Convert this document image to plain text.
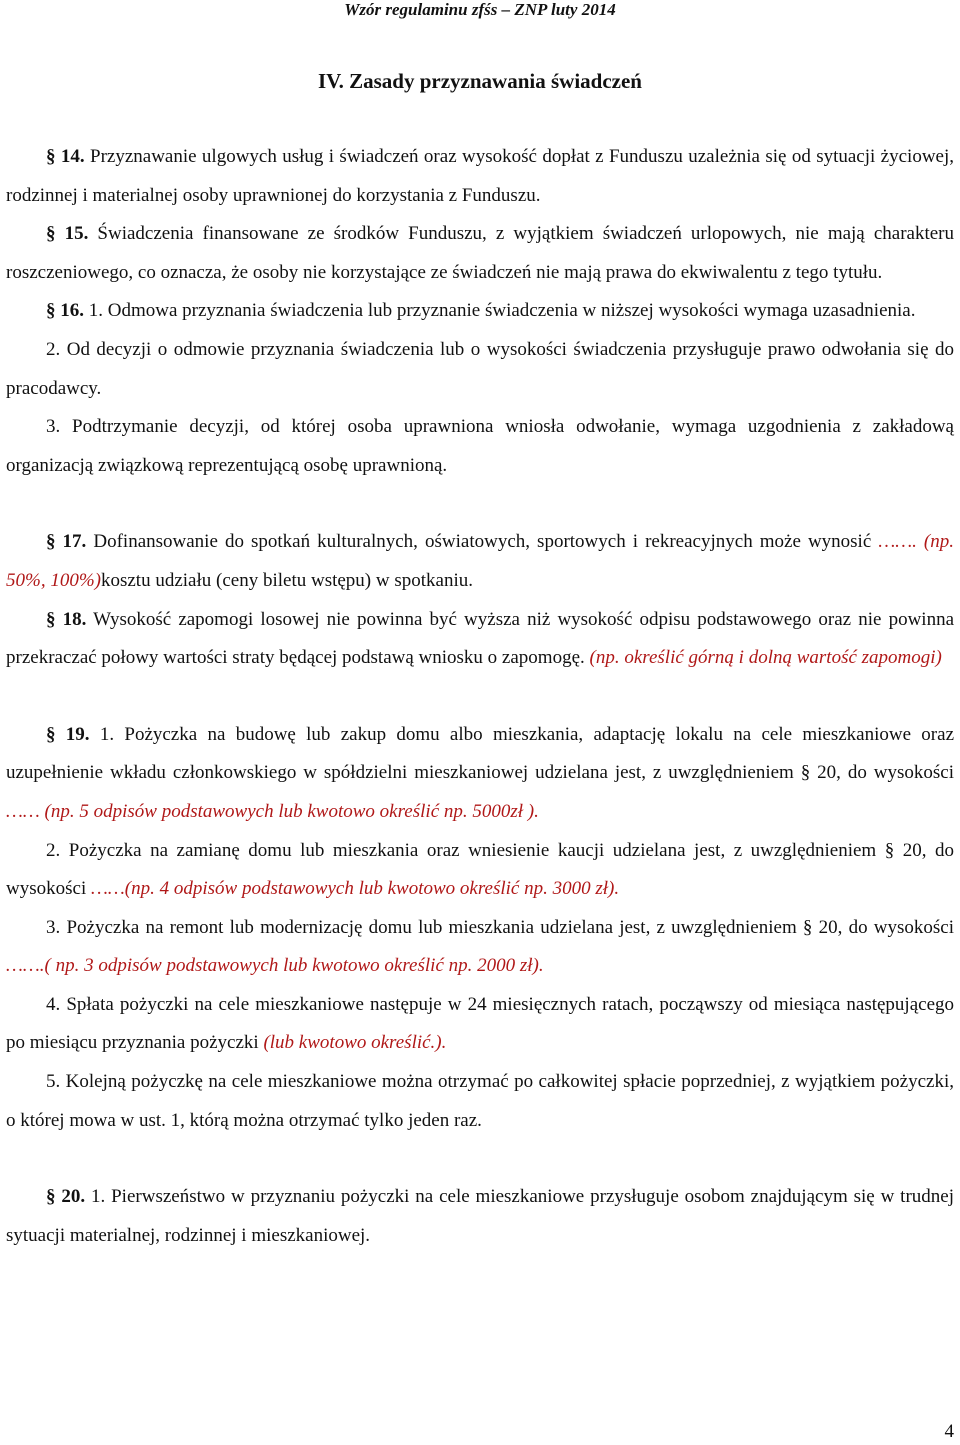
Wzór regulaminu zfśs – ZNP luty 2014
IV. Zasady przyznawania świadczeń

§ 14. Przyznawanie ulgowych usług i świadczeń oraz wysokość dopłat z Funduszu uzależnia się od sytuacji życiowej, rodzinnej i materialnej osoby uprawnionej do korzystania z Funduszu.

§ 15. Świadczenia finansowane ze środków Funduszu, z wyjątkiem świadczeń urlopowych, nie mają charakteru roszczeniowego, co oznacza, że osoby nie korzystające ze świadczeń nie mają prawa do ekwiwalentu z tego tytułu.

§ 16. 1. Odmowa przyznania świadczenia lub przyznanie świadczenia w niższej wysokości wymaga uzasadnienia.

2. Od decyzji o odmowie przyznania świadczenia lub o wysokości świadczenia przysługuje prawo odwołania się do pracodawcy.

3. Podtrzymanie decyzji, od której osoba uprawniona wniosła odwołanie, wymaga uzgodnienia z zakładową organizacją związkową reprezentującą osobę uprawnioną.

§ 17. Dofinansowanie do spotkań kulturalnych, oświatowych, sportowych i rekreacyjnych może wynosić ……. (np. 50%, 100%)kosztu udziału (ceny biletu wstępu) w spotkaniu.

§ 18. Wysokość zapomogi losowej nie powinna być wyższa niż wysokość odpisu podstawowego oraz nie powinna przekraczać połowy wartości straty będącej podstawą wniosku o zapomogę. (np. określić górną i dolną wartość zapomogi)

§ 19. 1. Pożyczka na budowę lub zakup domu albo mieszkania, adaptację lokalu na cele mieszkaniowe oraz uzupełnienie wkładu członkowskiego w spółdzielni mieszkaniowej udzielana jest, z uwzględnieniem § 20, do wysokości …… (np. 5 odpisów podstawowych lub kwotowo określić np. 5000zł ).

2. Pożyczka na zamianę domu lub mieszkania oraz wniesienie kaucji udzielana jest, z uwzględnieniem § 20, do wysokości ……(np. 4 odpisów podstawowych lub kwotowo określić np. 3000 zł).

3. Pożyczka na remont lub modernizację domu lub mieszkania udzielana jest, z uwzględnieniem § 20, do wysokości …….( np. 3 odpisów podstawowych lub kwotowo określić np. 2000 zł).

4. Spłata pożyczki na cele mieszkaniowe następuje w 24 miesięcznych ratach, począwszy od miesiąca następującego po miesiącu przyznania pożyczki (lub kwotowo określić.).

5. Kolejną pożyczkę na cele mieszkaniowe można otrzymać po całkowitej spłacie poprzedniej, z wyjątkiem pożyczki, o której mowa w ust. 1, którą można otrzymać tylko jeden raz.

§ 20. 1. Pierwszeństwo w przyznaniu pożyczki na cele mieszkaniowe przysługuje osobom znajdującym się w trudnej sytuacji materialnej, rodzinnej i mieszkaniowej.

4
